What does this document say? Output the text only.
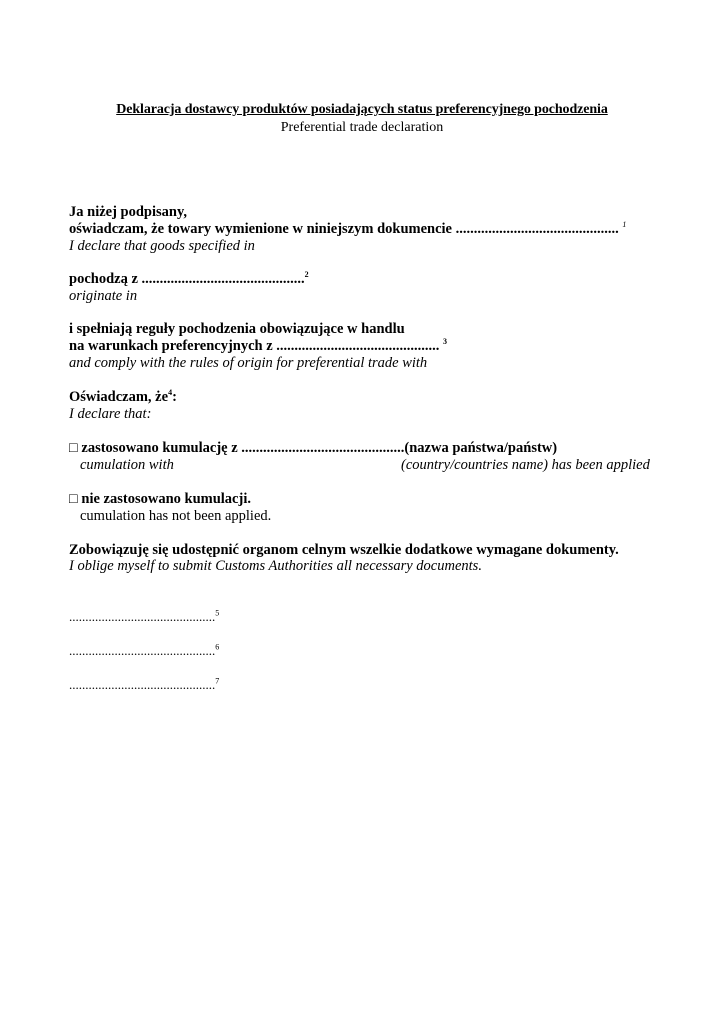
Deklaracja dostawcy produktów posiadających status preferencyjnego pochodzenia
Preferential trade declaration
Ja niżej podpisany,
oświadczam, że towary wymienione w niniejszym dokumencie ............................................. $^1$
I declare that goods specified in
pochodzą z .............................................$^2$
originate in
i spełniają reguły pochodzenia obowiązujące w handlu
na warunkach preferencyjnych z ............................................. $^3$
and comply with the rules of origin for preferential trade with
Oświadczam, $że^4$:
I declare that:
□ zastosowano kumulację z .............................................(nazwa państwa/państw)
cumulation with	(country/countries name) has been applied
□ nie zastosowano kumulacji.
cumulation has not been applied.
Zobowiązuję się udostępnić organom celnym wszelkie dodatkowe wymagane dokumenty.
I oblige myself to submit Customs Authorities all necessary documents.
.............................................$^5$
.............................................$^6$
.............................................$^7$
